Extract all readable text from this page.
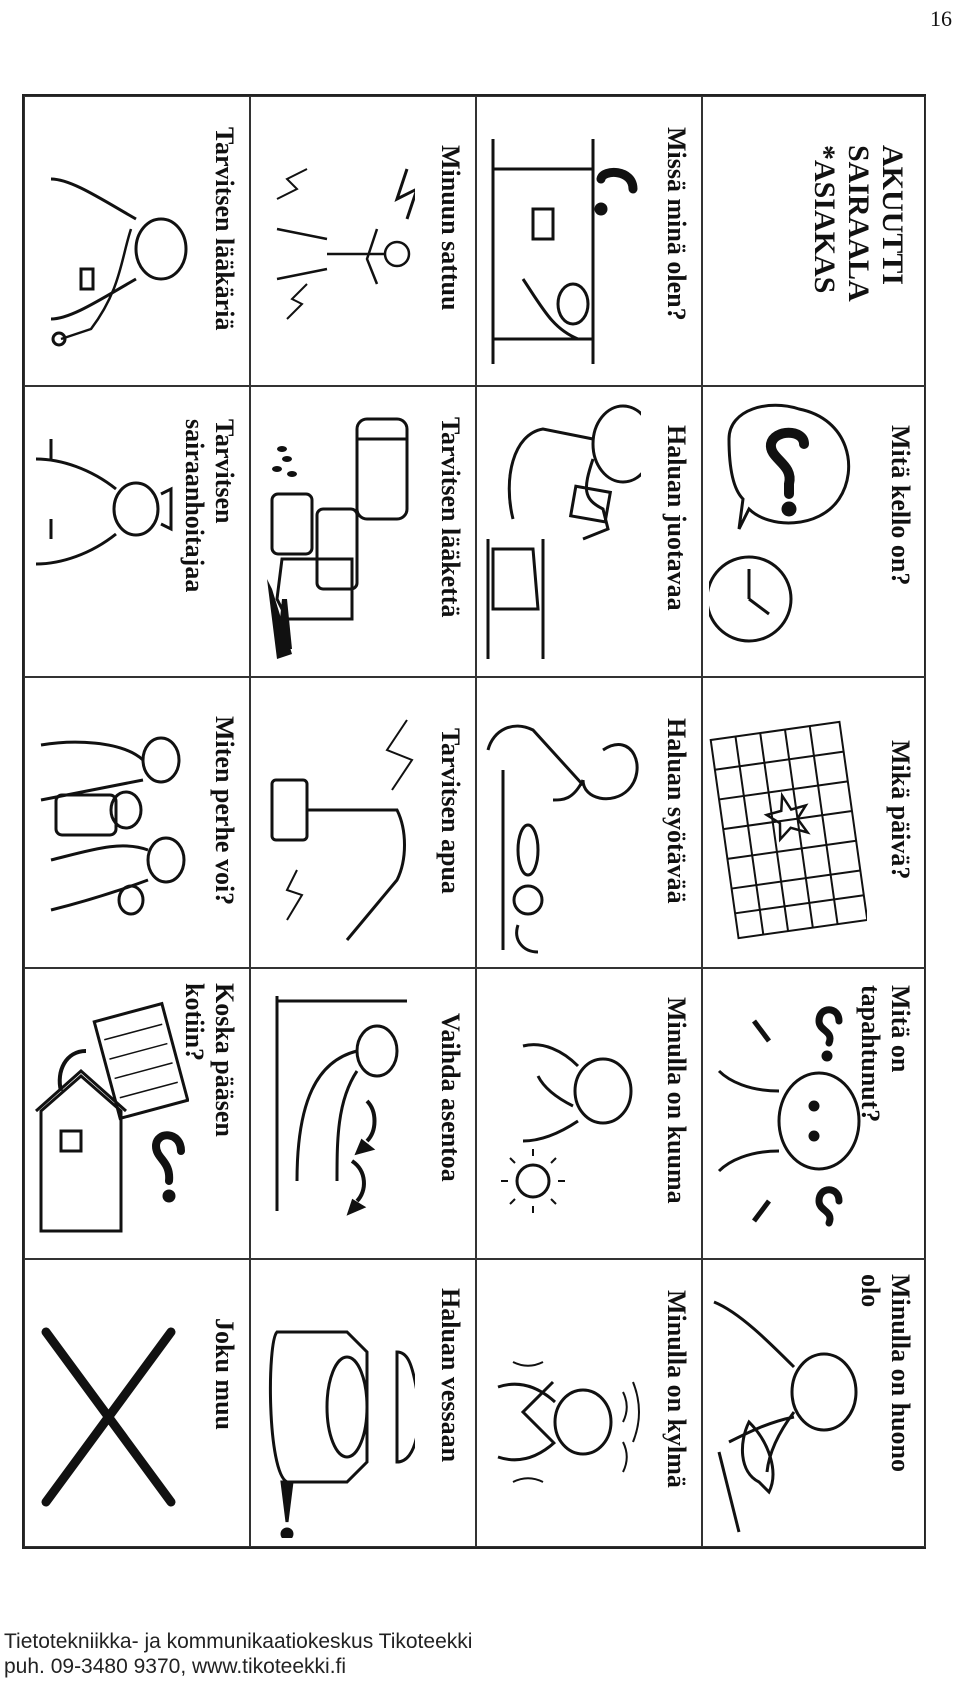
16
AKUUTTI
SAIRAALA
*ASIAKAS
Mitä kello on?
Mikä päivä?
Mitä on tapahtunut?
Minulla on huono olo
Missä minä olen?
Haluan juotavaa
Haluan syötävää
Minulla on kuuma
Minulla on kylmä
Minuun sattuu
Tarvitsen lääkettä
Tarvitsen apua
Vaihda asentoa
Haluan vessaan
Tarvitsen lääkäriä
Tarvitsen
sairaanhoitajaa
Miten perhe voi?
Koska pääsen kotiin?
Joku muu
Tietotekniikka- ja kommunikaatiokeskus Tikoteekki
puh. 09-3480 9370, www.tikoteekki.fi
